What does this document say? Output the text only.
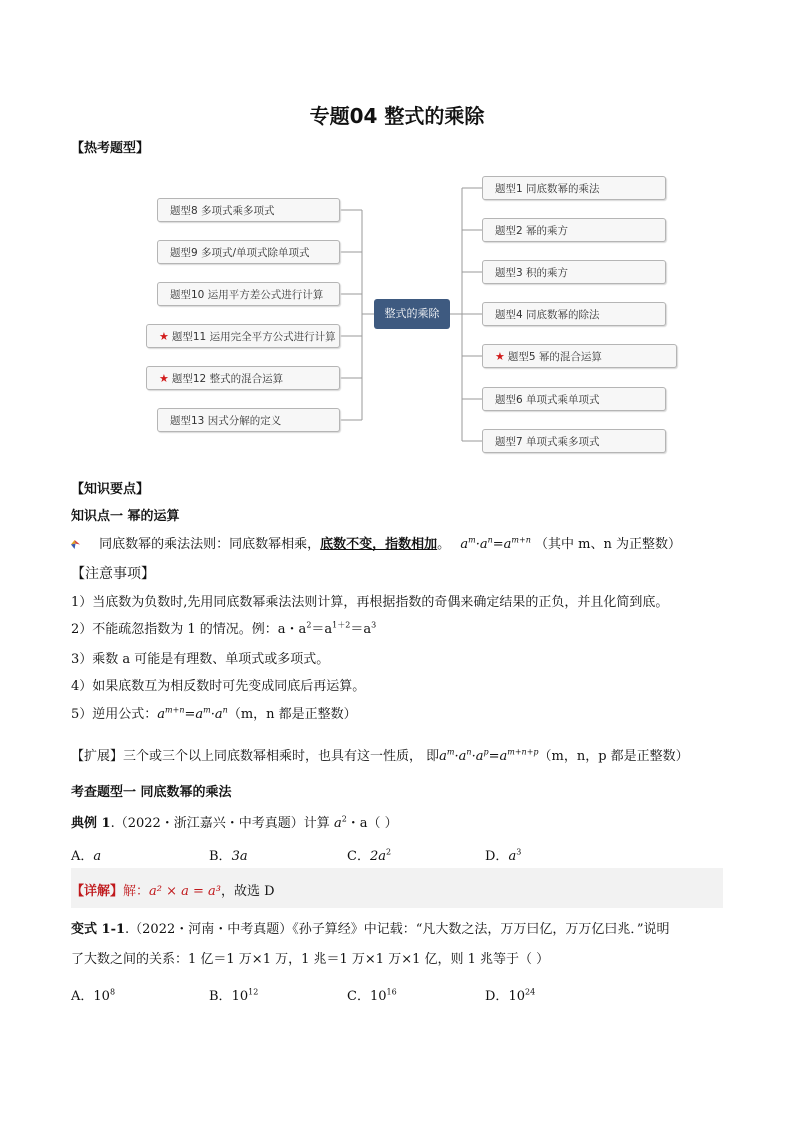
专题04 整式的乘除
【热考题型】
题型8 多项式乘多项式
题型9 多项式/单项式除单项式
题型10 运用平方差公式进行计算
★ 题型11 运用完全平方公式进行计算
★ 题型12 整式的混合运算
题型13 因式分解的定义
整式的乘除
题型1 同底数幂的乘法
题型2 幂的乘方
题型3 积的乘方
题型4 同底数幂的除法
★ 题型5 幂的混合运算
题型6 单项式乘单项式
题型7 单项式乘多项式
【知识要点】
知识点一 幂的运算
同底数幂的乘法法则：同底数幂相乘，底数不变，指数相加。 $a^m\cdot a^n=a^{m+n}$ （其中 m、n 为正整数）
【注意事项】
1）当底数为负数时,先用同底数幂乘法法则计算，再根据指数的奇偶来确定结果的正负，并且化简到底。
2）不能疏忽指数为 1 的情况。例：a・$a^2=a^{1+2}=a^3$
3）乘数 a 可能是有理数、单项式或多项式。
4）如果底数互为相反数时可先变成同底后再运算。
5）逆用公式：$a^{m+n}=a^m\cdot a^n(m$，n 都是正整数）
【扩展】三个或三个以上同底数幂相乘时，也具有这一性质， 即$a^m\cdot a^n\cdot a^p=a^{m+n+p}(m$，n，p 都是正整数）
考查题型一 同底数幂的乘法
典例 1.（2022・浙江嘉兴・中考真题）计算 $a^2$・a（ ）
A．a	B．3a	C．$2a^2$	D．$a^3$
【详解】解：a² × a = a³，故选 D
变式 1-1.（2022・河南・中考真题）《孙子算经》中记载：“凡大数之法，万万曰亿，万万亿曰兆．”说明
了大数之间的关系：1 亿＝1 万×1 万，1 兆＝1 万×1 万×1 亿，则 1 兆等于（ ）
A．$10^8$	B．$10^{12}$	C．$10^{16}$	D．$10^{24}$
